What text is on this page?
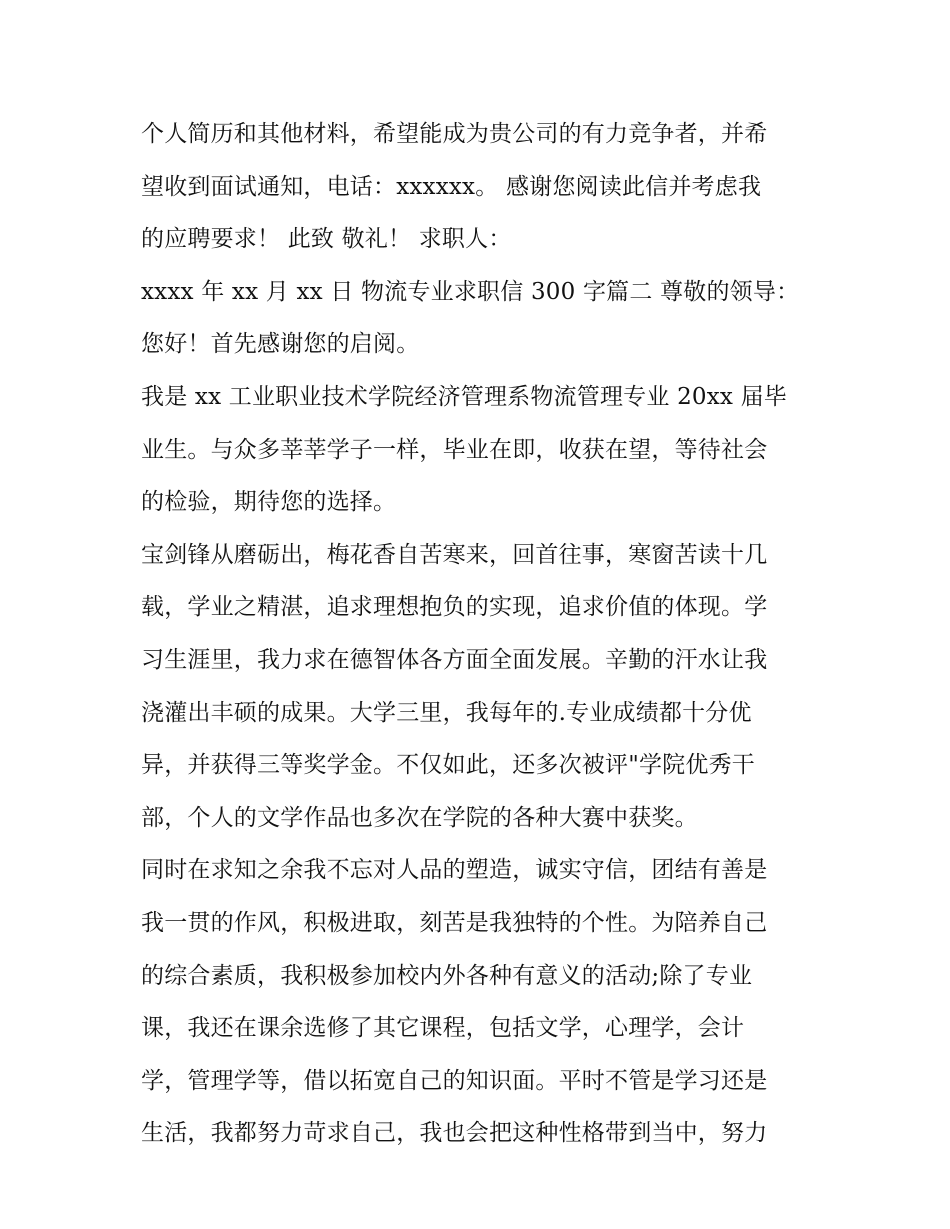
个人简历和其他材料，希望能成为贵公司的有力竞争者，并希
望收到面试通知，电话：xxxxxx。 感谢您阅读此信并考虑我
的应聘要求！ 此致 敬礼！ 求职人：
xxxx 年 xx 月 xx 日 物流专业求职信 300 字篇二 尊敬的领导：
您好！首先感谢您的启阅。
我是 xx 工业职业技术学院经济管理系物流管理专业 20xx 届毕
业生。与众多莘莘学子一样，毕业在即，收获在望，等待社会
的检验，期待您的选择。
宝剑锋从磨砺出，梅花香自苦寒来，回首往事，寒窗苦读十几
载，学业之精湛，追求理想抱负的实现，追求价值的体现。学
习生涯里，我力求在德智体各方面全面发展。辛勤的汗水让我
浇灌出丰硕的成果。大学三里，我每年的.专业成绩都十分优
异，并获得三等奖学金。不仅如此，还多次被评"学院优秀干
部，个人的文学作品也多次在学院的各种大赛中获奖。
同时在求知之余我不忘对人品的塑造，诚实守信，团结有善是
我一贯的作风，积极进取，刻苦是我独特的个性。为陪养自己
的综合素质，我积极参加校内外各种有意义的活动;除了专业
课，我还在课余选修了其它课程，包括文学，心理学，会计
学，管理学等，借以拓宽自己的知识面。平时不管是学习还是
生活，我都努力苛求自己，我也会把这种性格带到当中，努力
